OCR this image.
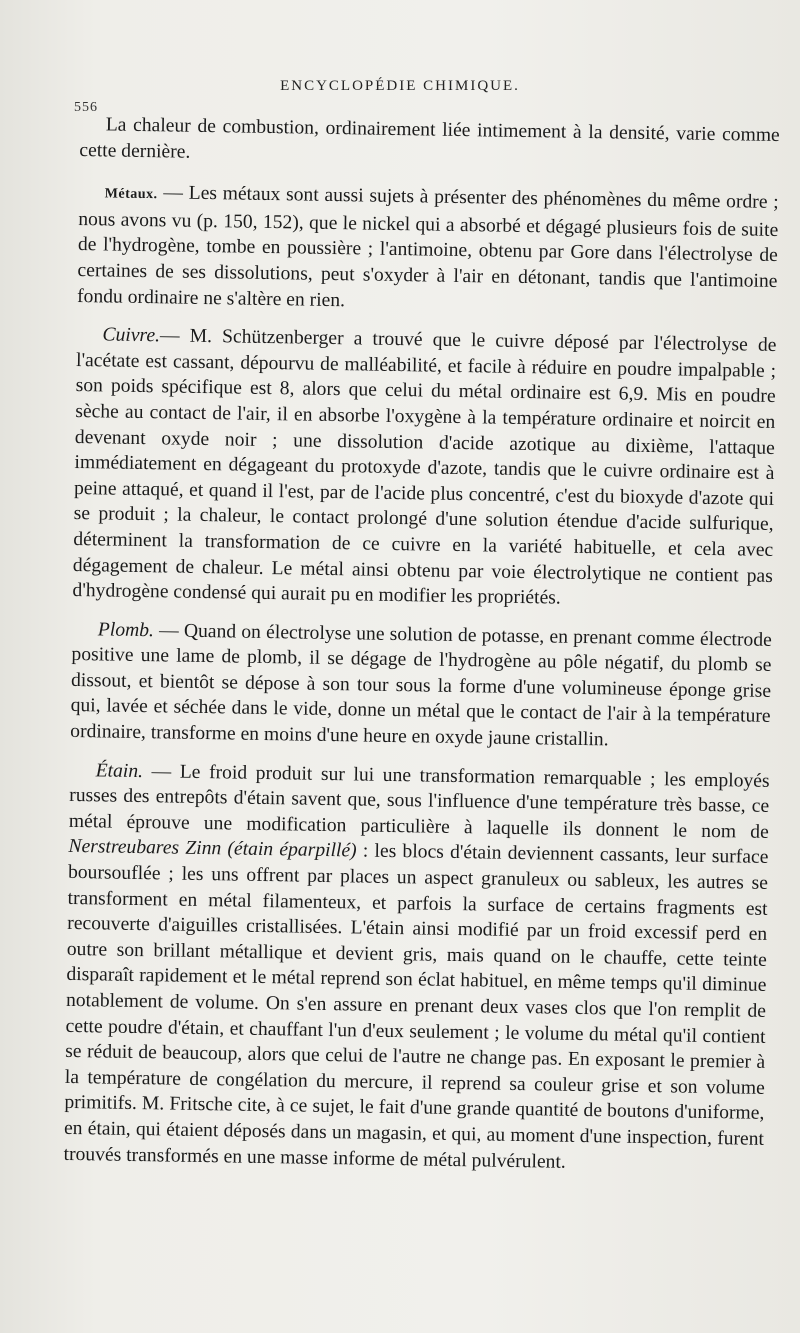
ENCYCLOPÉDIE CHIMIQUE.
556

La chaleur de combustion, ordinairement liée intimement à la densité, varie comme cette dernière.

Métaux. — Les métaux sont aussi sujets à présenter des phénomènes du même ordre ; nous avons vu (p. 150, 152), que le nickel qui a absorbé et dégagé plusieurs fois de suite de l'hydrogène, tombe en poussière ; l'antimoine, obtenu par Gore dans l'électrolyse de certaines de ses dissolutions, peut s'oxyder à l'air en détonant, tandis que l'antimoine fondu ordinaire ne s'altère en rien.

Cuivre.— M. Schützenberger a trouvé que le cuivre déposé par l'électrolyse de l'acétate est cassant, dépourvu de malléabilité, et facile à réduire en poudre impalpable ; son poids spécifique est 8, alors que celui du métal ordinaire est 6,9. Mis en poudre sèche au contact de l'air, il en absorbe l'oxygène à la température ordinaire et noircit en devenant oxyde noir ; une dissolution d'acide azotique au dixième, l'attaque immédiatement en dégageant du protoxyde d'azote, tandis que le cuivre ordinaire est à peine attaqué, et quand il l'est, par de l'acide plus concentré, c'est du bioxyde d'azote qui se produit ; la chaleur, le contact prolongé d'une solution étendue d'acide sulfurique, déterminent la transformation de ce cuivre en la variété habituelle, et cela avec dégagement de chaleur. Le métal ainsi obtenu par voie électrolytique ne contient pas d'hydrogène condensé qui aurait pu en modifier les propriétés.

Plomb. — Quand on électrolyse une solution de potasse, en prenant comme électrode positive une lame de plomb, il se dégage de l'hydrogène au pôle négatif, du plomb se dissout, et bientôt se dépose à son tour sous la forme d'une volumineuse éponge grise qui, lavée et séchée dans le vide, donne un métal que le contact de l'air à la température ordinaire, transforme en moins d'une heure en oxyde jaune cristallin.

Étain. — Le froid produit sur lui une transformation remarquable ; les employés russes des entrepôts d'étain savent que, sous l'influence d'une température très basse, ce métal éprouve une modification particulière à laquelle ils donnent le nom de Nerstreubares Zinn (étain éparpillé) : les blocs d'étain deviennent cassants, leur surface boursouflée ; les uns offrent par places un aspect granuleux ou sableux, les autres se transforment en métal filamenteux, et parfois la surface de certains fragments est recouverte d'aiguilles cristallisées. L'étain ainsi modifié par un froid excessif perd en outre son brillant métallique et devient gris, mais quand on le chauffe, cette teinte disparaît rapidement et le métal reprend son éclat habituel, en même temps qu'il diminue notablement de volume. On s'en assure en prenant deux vases clos que l'on remplit de cette poudre d'étain, et chauffant l'un d'eux seulement ; le volume du métal qu'il contient se réduit de beaucoup, alors que celui de l'autre ne change pas. En exposant le premier à la température de congélation du mercure, il reprend sa couleur grise et son volume primitifs. M. Fritsche cite, à ce sujet, le fait d'une grande quantité de boutons d'uniforme, en étain, qui étaient déposés dans un magasin, et qui, au moment d'une inspection, furent trouvés transformés en une masse informe de métal pulvérulent.
